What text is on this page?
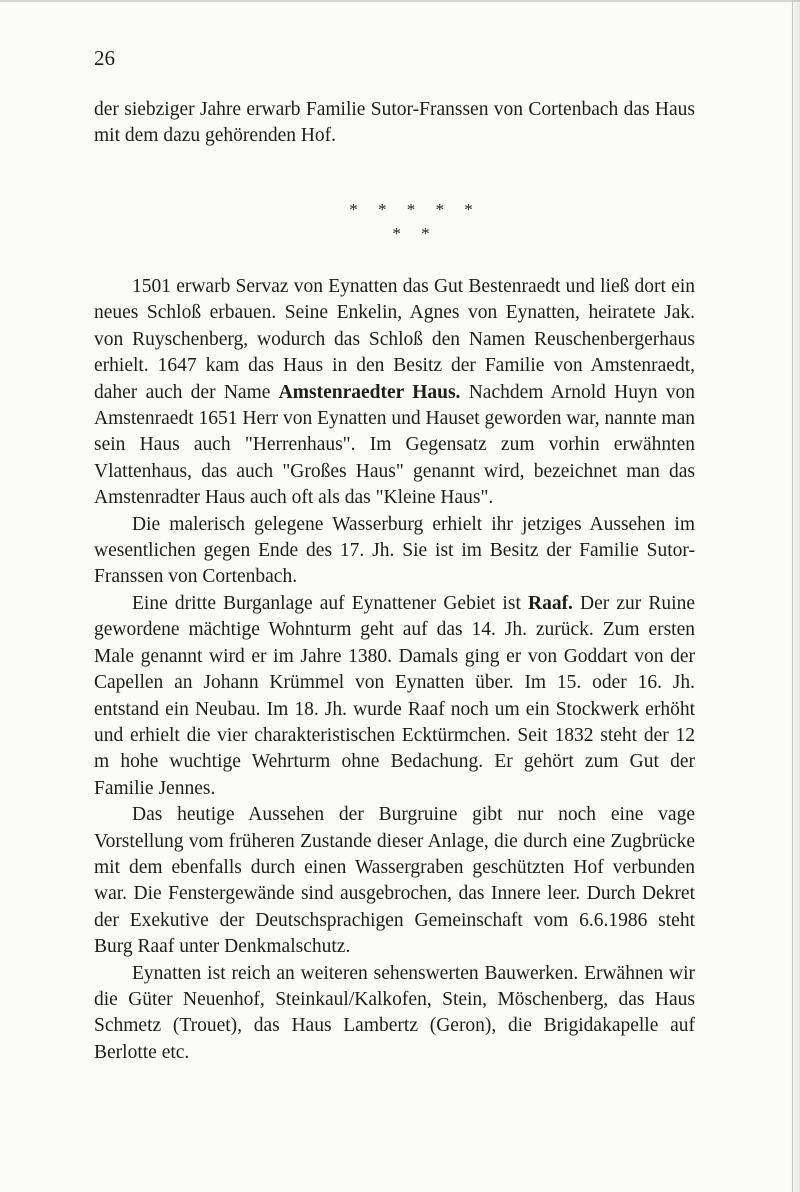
26

der siebziger Jahre erwarb Familie Sutor-Franssen von Cortenbach das Haus mit dem dazu gehörenden Hof.

* * * * * * *

1501 erwarb Servaz von Eynatten das Gut Bestenraedt und ließ dort ein neues Schloß erbauen. Seine Enkelin, Agnes von Eynatten, heiratete Jak. von Ruyschenberg, wodurch das Schloß den Namen Reuschenbergerhaus erhielt. 1647 kam das Haus in den Besitz der Familie von Amstenraedt, daher auch der Name Amstenraedter Haus. Nachdem Arnold Huyn von Amstenraedt 1651 Herr von Eynatten und Hauset geworden war, nannte man sein Haus auch "Herrenhaus". Im Gegensatz zum vorhin erwähnten Vlattenhaus, das auch "Großes Haus" genannt wird, bezeichnet man das Amstenradter Haus auch oft als das "Kleine Haus".

Die malerisch gelegene Wasserburg erhielt ihr jetziges Aussehen im wesentlichen gegen Ende des 17. Jh. Sie ist im Besitz der Familie Sutor-Franssen von Cortenbach.

Eine dritte Burganlage auf Eynattener Gebiet ist Raaf. Der zur Ruine gewordene mächtige Wohnturm geht auf das 14. Jh. zurück. Zum ersten Male genannt wird er im Jahre 1380. Damals ging er von Goddart von der Capellen an Johann Krümmel von Eynatten über. Im 15. oder 16. Jh. entstand ein Neubau. Im 18. Jh. wurde Raaf noch um ein Stockwerk erhöht und erhielt die vier charakteristischen Ecktürmchen. Seit 1832 steht der 12 m hohe wuchtige Wehrturm ohne Bedachung. Er gehört zum Gut der Familie Jennes.

Das heutige Aussehen der Burgruine gibt nur noch eine vage Vorstellung vom früheren Zustande dieser Anlage, die durch eine Zugbrücke mit dem ebenfalls durch einen Wassergraben geschützten Hof verbunden war. Die Fenstergewände sind ausgebrochen, das Innere leer. Durch Dekret der Exekutive der Deutschsprachigen Gemeinschaft vom 6.6.1986 steht Burg Raaf unter Denkmalschutz.

Eynatten ist reich an weiteren sehenswerten Bauwerken. Erwähnen wir die Güter Neuenhof, Steinkaul/Kalkofen, Stein, Möschenberg, das Haus Schmetz (Trouet), das Haus Lambertz (Geron), die Brigidakapelle auf Berlotte etc.
